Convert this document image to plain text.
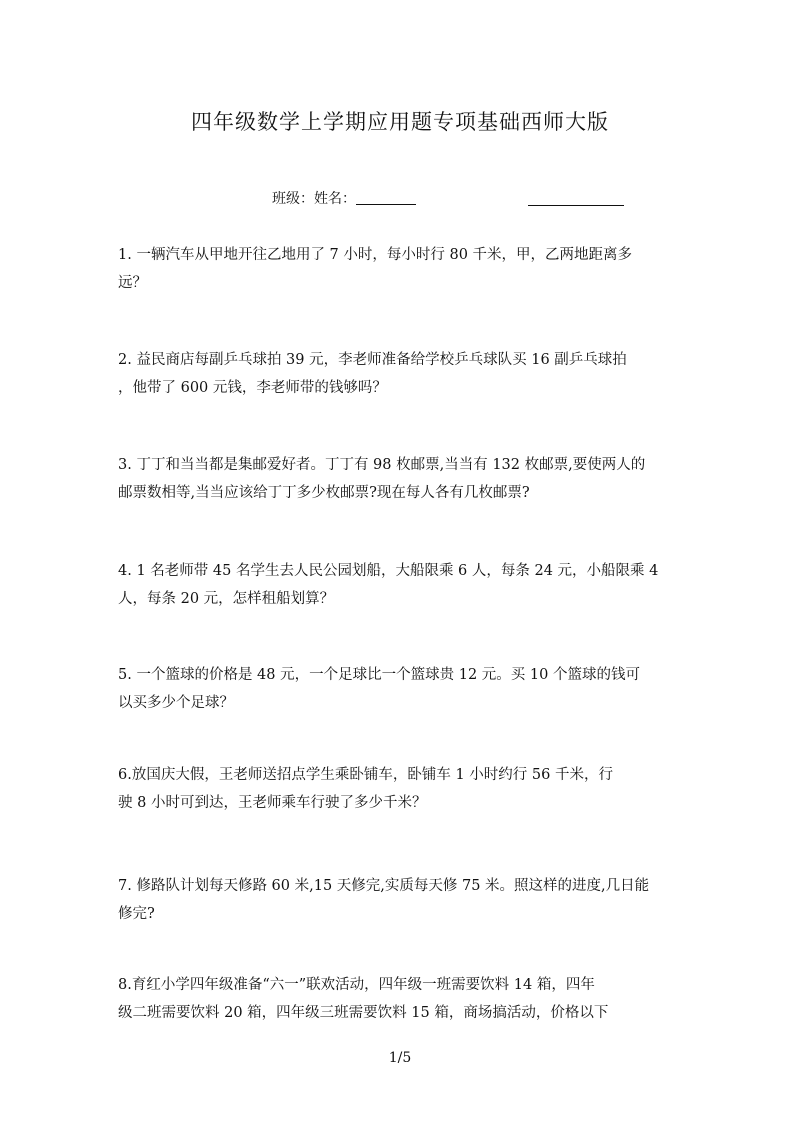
四年级数学上学期应用题专项基础西师大版
班级：姓名：
1. 一辆汽车从甲地开往乙地用了 7 小时，每小时行 80 千米，甲，乙两地距离多
远？
2. 益民商店每副乒乓球拍 39 元，李老师准备给学校乒乓球队买 16 副乒乓球拍
，他带了 600 元钱，李老师带的钱够吗？
3. 丁丁和当当都是集邮爱好者。丁丁有 98 枚邮票,当当有 132 枚邮票,要使两人的
邮票数相等,当当应该给丁丁多少枚邮票?现在每人各有几枚邮票?
4. 1 名老师带 45 名学生去人民公园划船，大船限乘 6 人，每条 24 元，小船限乘 4
人，每条 20 元，怎样租船划算？
5. 一个篮球的价格是 48 元，一个足球比一个篮球贵 12 元。买 10 个篮球的钱可
以买多少个足球？
6.放国庆大假，王老师送招点学生乘卧铺车，卧铺车 1 小时约行 56 千米，行
驶 8 小时可到达，王老师乘车行驶了多少千米？
7. 修路队计划每天修路 60 米,15 天修完,实质每天修 75 米。照这样的进度,几日能
修完?
8.育红小学四年级准备“六一”联欢活动，四年级一班需要饮料 14 箱，四年
级二班需要饮料 20 箱，四年级三班需要饮料 15 箱，商场搞活动，价格以下
1/5
